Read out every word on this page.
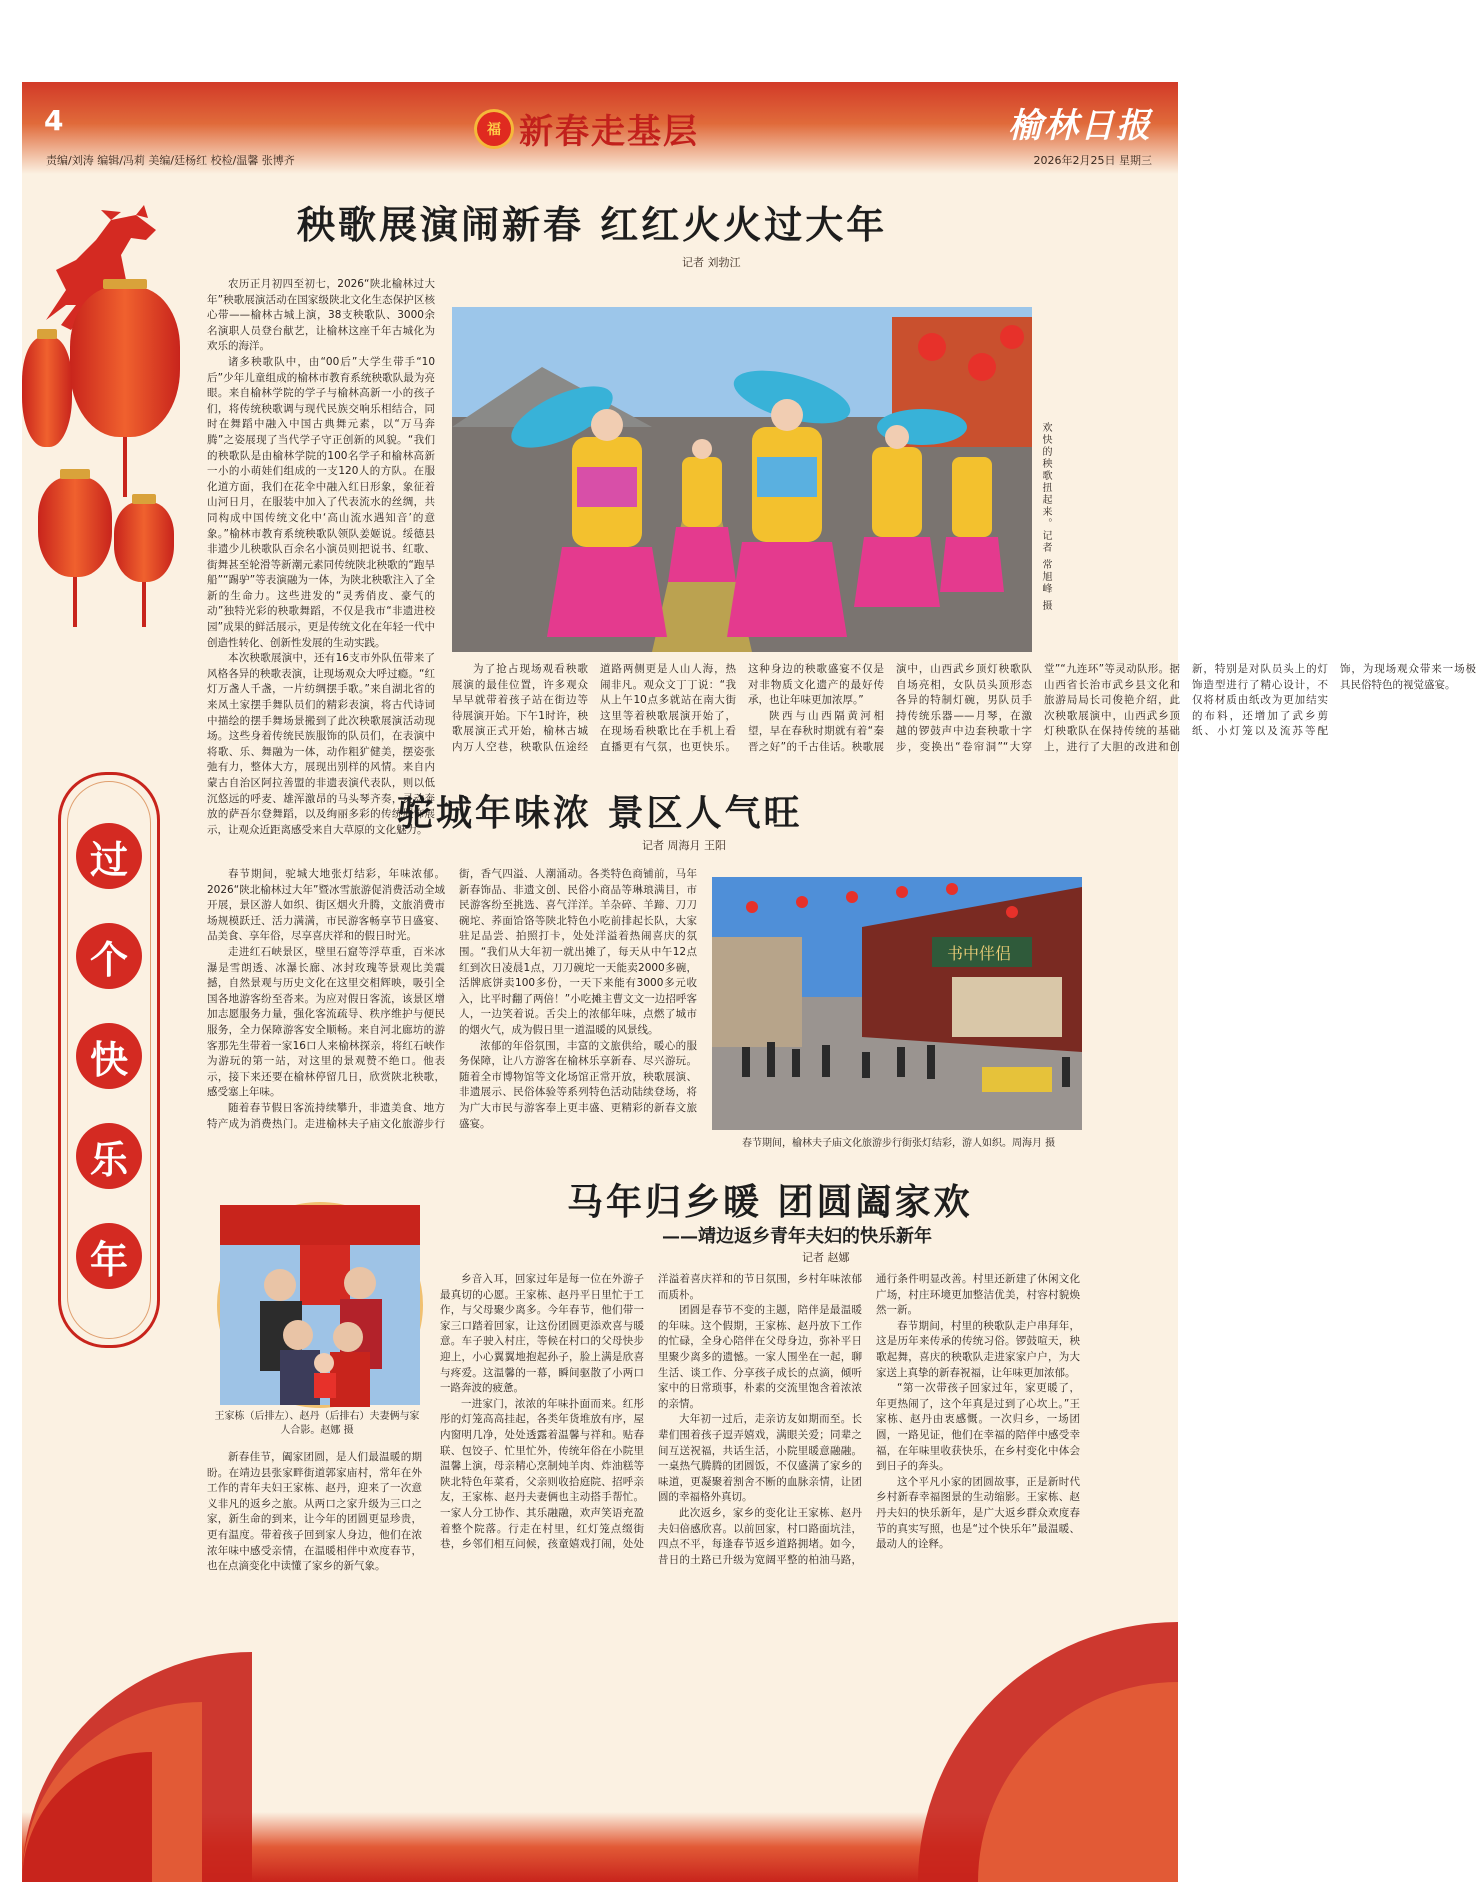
4
责编/刘涛 编辑/冯莉 美编/廷杨红 校检/温馨 张博齐
福 新春走基层	榆林日报
2026年2月25日 星期三
过
个
快
乐
年
秧歌展演闹新春 红红火火过大年
记者 刘勃江
欢快的秧歌扭起来。记者 常旭峰 摄

农历正月初四至初七，2026“陕北榆林过大年”秧歌展演活动在国家级陕北文化生态保护区核心带——榆林古城上演，38支秧歌队、3000余名演职人员登台献艺，让榆林这座千年古城化为欢乐的海洋。

诸多秧歌队中，由“00后”大学生带手“10后”少年儿童组成的榆林市教育系统秧歌队最为亮眼。来自榆林学院的学子与榆林高新一小的孩子们，将传统秧歌调与现代民族交响乐相结合，同时在舞蹈中融入中国古典舞元素，以“万马奔腾”之姿展现了当代学子守正创新的风貌。“我们的秧歌队是由榆林学院的100名学子和榆林高新一小的小萌娃们组成的一支120人的方队。在服化道方面，我们在花伞中融入红日形象，象征着山河日月，在服装中加入了代表流水的丝绸，共同构成中国传统文化中‘高山流水遇知音’的意象。”榆林市教育系统秧歌队领队姜姬说。绥德县非遗少儿秧歌队百余名小演员则把说书、红歌、街舞甚至轮滑等新潮元素同传统陕北秧歌的“跑旱船”“踢驴”等表演融为一体，为陕北秧歌注入了全新的生命力。这些进发的“灵秀俏皮、豪气的动”独特光彩的秧歌舞蹈，不仅是我市“非遗进校园”成果的鲜活展示，更是传统文化在年轻一代中创造性转化、创新性发展的生动实践。

本次秧歌展演中，还有16支市外队伍带来了风格各异的秧歌表演，让现场观众大呼过瘾。“红灯万盏人千盏，一片纺绸摆手歌。”来自湖北省的来凤土家摆手舞队员们的精彩表演，将古代诗词中描绘的摆手舞场景搬到了此次秧歌展演活动现场。这些身着传统民族服饰的队员们，在表演中将歌、乐、舞融为一体，动作粗犷健美，摆姿张弛有力，整体大方，展现出别样的风情。来自内蒙古自治区阿拉善盟的非遗表演代表队，则以低沉悠远的呼麦、雄浑激昂的马头琴齐奏，灵动奔放的萨吾尔登舞蹈，以及绚丽多彩的传统服饰展示，让观众近距离感受来自大草原的文化魅力。

为了抢占现场观看秧歌展演的最佳位置，许多观众早早就带着孩子站在街边等待展演开始。下午1时许，秧歌展演正式开始，榆林古城内万人空巷，秧歌队伍途经道路两侧更是人山人海，热闹非凡。观众文丁丁说：“我从上午10点多就站在南大街这里等着秧歌展演开始了，在现场看秧歌比在手机上看直播更有气氛，也更快乐。这种身边的秧歌盛宴不仅是对非物质文化遗产的最好传承，也让年味更加浓厚。”

陕西与山西隔黄河相望，早在春秋时期就有着“秦晋之好”的千古佳话。秧歌展演中，山西武乡顶灯秧歌队自场亮相，女队员头顶形态各异的特制灯碗，男队员手持传统乐器——月琴，在激越的锣鼓声中边套秧歌十字步，变换出“卷帘洞”“大穿堂”“九连环”等灵动队形。据山西省长治市武乡县文化和旅游局局长司俊艳介绍，此次秧歌展演中，山西武乡顶灯秧歌队在保持传统的基础上，进行了大胆的改进和创新，特别是对队员头上的灯饰造型进行了精心设计，不仅将材质由纸改为更加结实的布料，还增加了武乡剪纸、小灯笼以及流苏等配饰，为现场观众带来一场极具民俗特色的视觉盛宴。

驼城年味浓 景区人气旺
记者 周海月 王阳

春节期间，驼城大地张灯结彩，年味浓郁。2026“陕北榆林过大年”暨冰雪旅游促消费活动全域开展，景区游人如织、街区烟火升腾，文旅消费市场规模跃迁、活力满满，市民游客畅享节日盛宴、品美食、享年俗，尽享喜庆祥和的假日时光。

走进红石峡景区，壁里石窟等浮草重，百米冰瀑是雪朗透、冰瀑长廊、冰封玫瑰等景观比美震撼，自然景观与历史文化在这里交相辉映，吸引全国各地游客纷至沓来。为应对假日客流，该景区增加志愿服务力量，强化客流疏导、秩序维护与便民服务，全力保障游客安全顺畅。来自河北廊坊的游客那先生带着一家16口人来榆林探亲，将红石峡作为游玩的第一站，对这里的景观赞不绝口。他表示，接下来还要在榆林停留几日，欣赏陕北秧歌，感受塞上年味。

随着春节假日客流持续攀升，非遗美食、地方特产成为消费热门。走进榆林夫子庙文化旅游步行街，香气四溢、人潮涌动。各类特色商铺前，马年新春饰品、非遗文创、民俗小商品等琳琅满目，市民游客纷至挑选、喜气洋洋。羊杂碎、羊蹄、刀刀碗坨、荞面饸饹等陕北特色小吃前排起长队，大家驻足品尝、拍照打卡，处处洋溢着热闹喜庆的氛围。“我们从大年初一就出摊了，每天从中午12点红到次日凌晨1点，刀刀碗坨一天能卖2000多碗，活牌底饼卖100多份，一天下来能有3000多元收入，比平时翻了两倍！”小吃摊主曹文文一边招呼客人，一边笑着说。舌尖上的浓郁年味，点燃了城市的烟火气，成为假日里一道温暖的风景线。

浓郁的年俗氛围，丰富的文旅供给，暖心的服务保障，让八方游客在榆林乐享新春、尽兴游玩。随着全市博物馆等文化场馆正常开放，秧歌展演、非遗展示、民俗体验等系列特色活动陆续登场，将为广大市民与游客奉上更丰盛、更精彩的新春文旅盛宴。

书中伴侣
春节期间，榆林夫子庙文化旅游步行街张灯结彩，游人如织。周海月 摄
马年归乡暖 团圆阖家欢
——靖边返乡青年夫妇的快乐新年
记者 赵娜
王家栋（后排左）、赵丹（后排右）夫妻俩与家人合影。赵娜 摄

新春佳节，阖家团圆，是人们最温暖的期盼。在靖边县张家畔街道郭家庙村，常年在外工作的青年夫妇王家栋、赵丹，迎来了一次意义非凡的返乡之旅。从两口之家升级为三口之家，新生命的到来，让今年的团圆更显珍贵，更有温度。带着孩子回到家人身边，他们在浓浓年味中感受亲情，在温暖相伴中欢度春节，也在点滴变化中读懂了家乡的新气象。

乡音入耳，回家过年是每一位在外游子最真切的心愿。王家栋、赵丹平日里忙于工作，与父母聚少离多。今年春节，他们带一家三口踏着回家，让这份团圆更添欢喜与暖意。车子驶入村庄，等候在村口的父母快步迎上，小心翼翼地抱起孙子，脸上满是欣喜与疼爱。这温馨的一幕，瞬间驱散了小两口一路奔波的疲惫。

一进家门，浓浓的年味扑面而来。红彤彤的灯笼高高挂起，各类年货堆放有序，屋内窗明几净，处处透露着温馨与祥和。贴春联、包饺子、忙里忙外，传统年俗在小院里温馨上演，母亲精心烹制炖羊肉、炸油糕等陕北特色年菜肴，父亲则收拾庭院、招呼亲友，王家栋、赵丹夫妻俩也主动搭手帮忙。一家人分工协作、其乐融融，欢声笑语充盈着整个院落。行走在村里，红灯笼点缀街巷，乡邻们相互问候，孩童嬉戏打闹，处处洋溢着喜庆祥和的节日氛围，乡村年味浓郁而质朴。

团圆是春节不变的主题，陪伴是最温暖的年味。这个假期，王家栋、赵丹放下工作的忙碌，全身心陪伴在父母身边，弥补平日里聚少离多的遗憾。一家人围坐在一起，聊生活、谈工作、分享孩子成长的点滴，倾听家中的日常琐事，朴素的交流里饱含着浓浓的亲情。

大年初一过后，走亲访友如期而至。长辈们围着孩子逗弄嬉戏，满眼关爱；同辈之间互送祝福，共话生活，小院里暖意融融。一桌热气腾腾的团圆饭，不仅盛满了家乡的味道，更凝聚着割舍不断的血脉亲情，让团圆的幸福格外真切。

此次返乡，家乡的变化让王家栋、赵丹夫妇倍感欣喜。以前回家，村口路面坑洼，四点不平，每逢春节返乡道路拥堵。如今，昔日的土路已升级为宽阔平整的柏油马路，通行条件明显改善。村里还新建了休闲文化广场，村庄环境更加整洁优美，村容村貌焕然一新。

春节期间，村里的秧歌队走户串拜年，这是历年来传承的传统习俗。锣鼓喧天，秧歌起舞，喜庆的秧歌队走进家家户户，为大家送上真挚的新春祝福，让年味更加浓郁。

“第一次带孩子回家过年，家更暖了，年更热闹了，这个年真是过到了心坎上。”王家栋、赵丹由衷感慨。一次归乡，一场团圆，一路见证，他们在幸福的陪伴中感受幸福，在年味里收获快乐，在乡村变化中体会到日子的奔头。

这个平凡小家的团圆故事，正是新时代乡村新春幸福图景的生动缩影。王家栋、赵丹夫妇的快乐新年，是广大返乡群众欢度春节的真实写照，也是“过个快乐年”最温暖、最动人的诠释。
